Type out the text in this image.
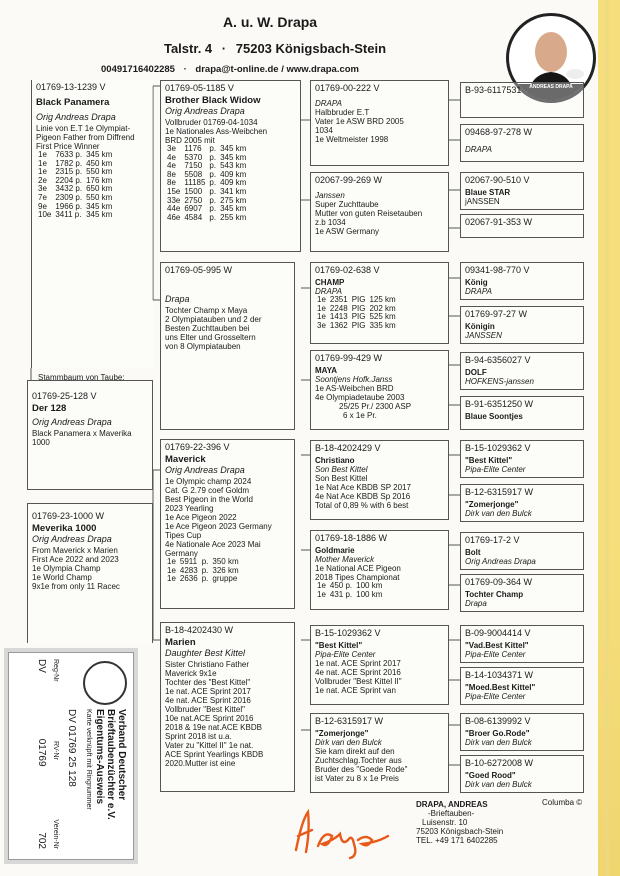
A. u. W. Drapa
Talstr. 4 · 75203 Königsbach-Stein
00491716402285 · drapa@t-online.de / www.drapa.com
ANDREAS DRAPA
01769-13-1239 V
Black Panamera
Orig Andreas Drapa
Linie von E.T 1e Olympiat-
Pigeon Father from Diffrend
First Price Winner
1e	7633 p.	345 km
1e	1782 p.	450 km
1e	2315 p.	550 km
2e	2204 p.	176 km
3e	3432 p.	650 km
7e	2309 p.	550 km
9e	1966 p.	345 km
10e	3411 p.	345 km
Stammbaum von Taube:
01769-25-128 V
Der 128
Orig Andreas Drapa
Black Panamera x Maverika
1000
01769-23-1000 W
Meverika 1000
Orig Andreas Drapa
From Maverick x Marien
First Ace 2022 and 2023
1e Olympia Champ
1e World Champ
9x1e from only 11 Racec
01769-05-1185 V
Brother Black Widow
Orig Andreas Drapa
Vollbruder 01769-04-1034
1e Nationales Ass-Weibchen
BRD 2005 mit
3e	1176	p.	345 km
4e	5370	p.	345 km
4e	7150	p.	543 km
8e	5508	p.	409 km
8e	11185	p.	409 km
15e	1500	p.	341 km
33e	2750	p.	275 km
44e	6907	p.	345 km
46e	4584	p.	255 km
01769-05-995 W
Drapa
Tochter Champ x Maya
2 Olympiatauben und 2 der
Besten Zuchttauben bei
uns Elter und Grosseltern
von 8 Olympiatauben
01769-22-396 V
Maverick
Orig Andreas Drapa
1e Olympic champ 2024
Cat. G 2.79 coef Goldm
Best Pigeon in the World
2023 Yearling
1e Ace Pigeon 2022
1e Ace Pigeon 2023 Germany
Tipes Cup
4e Nationale Ace 2023 Mai
Germany
1e	5911	p.	350 km
1e	4283	p.	326 km
1e	2636	p.	gruppe
B-18-4202430 W
Marien
Daughter Best Kittel
Sister Christiano Father
Maverick 9x1e
Tochter des "Best Kittel"
1e nat. ACE Sprint 2017
4e nat. ACE Sprint 2016
Vollbruder "Best Kittel"
10e nat.ACE Sprint 2016
2018 & 19e nat.ACE KBDB
Sprint 2018 ist u.a.
Vater zu "Kittel II" 1e nat.
ACE Sprint Yearlings KBDB
2020.Mutter ist eine
01769-00-222 V
DRAPA
Halbbruder E.T
Vater 1e ASW BRD 2005
1034
1e Weltmeister 1998
02067-99-269 W
Janssen
Super Zuchttaube
Mutter von guten Reisetauben
z.b 1034
1e ASW Germany
01769-02-638 V
CHAMP
DRAPA
1e	2351	PIG	125 km
1e	2248	PIG	202 km
1e	1413	PIG	525 km
3e	1362	PIG	335 km
01769-99-429 W
MAYA
Soontjens Hofk.Janss
1e AS-Weibchen BRD
4e Olympiadetaube 2003
25/25 Pr./ 2300 ASP
6 x 1e Pr.
B-18-4202429 V
Christiano
Son Best Kittel
Son Best Kittel
1e Nat Ace KBDB SP 2017
4e Nat Ace KBDB Sp 2016
Total of 0,89 % with 6 best
01769-18-1886 W
Goldmarie
Mother Maverick
1e National ACE Pigeon
2018 Tipes Championat
1e	450 p.	100 km
1e	431 p.	100 km
B-15-1029362 V
"Best Kittel"
Pipa-Elite Center
1e nat. ACE Sprint 2017
4e nat. ACE Sprint 2016
Vollbruder "Best Kittel II"
1e nat. ACE Sprint van
B-12-6315917 W
"Zomerjonge"
Dirk van den Bulck
Sie kam direkt auf den
Zuchtschlag.Tochter aus
Bruder des "Goede Rode"
ist Vater zu 8 x 1e Preis
B-93-6117531
09468-97-278 W
DRAPA
02067-90-510 V
Blaue STAR
jANSSEN
02067-91-353 W
09341-98-770 V
König
DRAPA
01769-97-27 W
Königin
JANSSEN
B-94-6356027 V
DOLF
HOFKENS-janssen
B-91-6351250 W
Blaue Soontjes
B-15-1029362 V
"Best Kittel"
Pipa-Elite Center
B-12-6315917 W
"Zomerjonge"
Dirk van den Bulck
01769-17-2 V
Bolt
Orig Andreas Drapa
01769-09-364 W
Tochter Champ
Drapa
B-09-9004414 V
"Vad.Best Kittel"
Pipa-Elite Center
B-14-1034371 W
"Moed.Best Kittel"
Pipa-Elite Center
B-08-6139992 V
"Broer Go.Rode"
Dirk van den Bulck
B-10-6272008 W
"Goed Rood"
Dirk van den Bulck
Columba ©
DRAPA, ANDREAS
-Brieftauben-
Luisenstr. 10
75203 Königsbach-Stein
TEL. +49 171 6402285
Verband Deutscher
Brieftaubenzüchter e.V.
Eigentums-Ausweis
Karte verknüpft mit Ringnummer
DV 01769 25 128
Reg-Nr
RV-Nr
Verein-Nr
DV
01769
702
